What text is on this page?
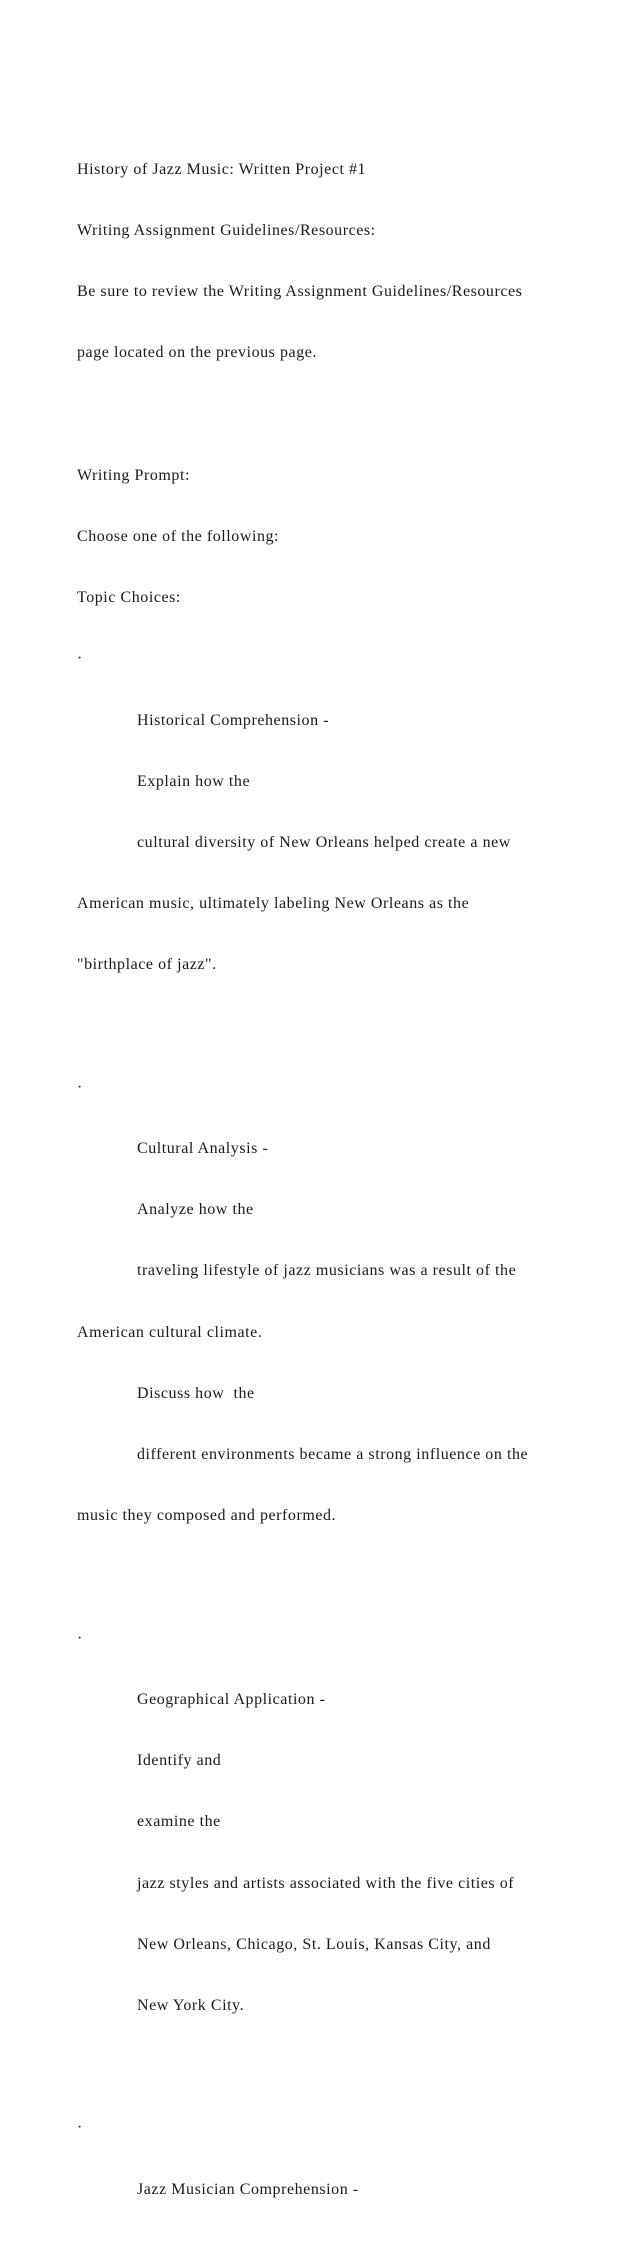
History of Jazz Music: Written Project #1

Writing Assignment Guidelines/Resources:

Be sure to review the Writing Assignment Guidelines/Resources

page located on the previous page.

Writing Prompt:

Choose one of the following:

Topic Choices:

·

Historical Comprehension -

Explain how the

cultural diversity of New Orleans helped create a new

American music, ultimately labeling New Orleans as the

"birthplace of jazz".

·

Cultural Analysis -

Analyze how the

traveling lifestyle of jazz musicians was a result of the

American cultural climate.

Discuss how  the

different environments became a strong influence on the

music they composed and performed.

·

Geographical Application -

Identify and

examine the

jazz styles and artists associated with the five cities of

New Orleans, Chicago, St. Louis, Kansas City, and

New York City.

·

Jazz Musician Comprehension -
